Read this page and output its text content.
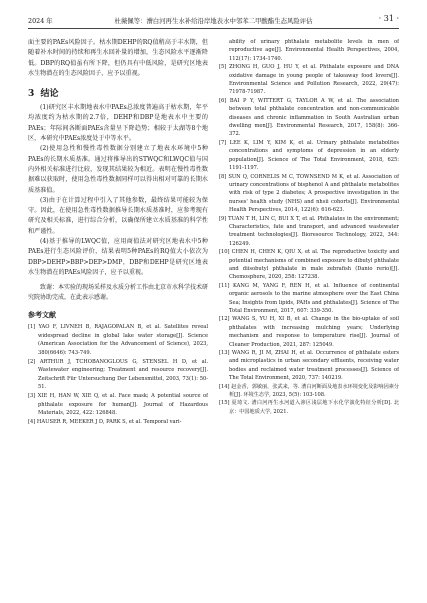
2024 年	杜薇佩等：漕白河再生水补给沿岸地表水中邻苯二甲酸酯生态风险评估	· 31 ·

面主要的PAEs风险因子。枯水期DEHP的RQ值稍高于丰水期，但随着补水时间的持续和再生水回补量的增加，生态风险水平逐渐降低。DBP的RQ值虽有所下降，但仍具有中低风险，是研究区地表水生物潜在的生态风险因子，应予以重视。

3 结论

(1)研究区丰水期地表水中PAEs总浓度普遍高于枯水期，年平均浓度约为枯水期的2.7倍，DEHP和DBP是地表水中主要的PAEs；年际间各断面PAEs含量呈下降趋势；相较于太湖等8个地区，本研究中PAEs浓度处于中等水平。

(2)使用急性和慢性毒性数据分别建立了地表水环境中5种PAEs的长期水质基准。通过将推导出的STWQC和LWQC值与国内外相关标准进行比较，发现其结果较为相近。表明在慢性毒性数据难以获取时，使用急性毒性数据同样可以得出相对可靠的长期水质基准值。

(3)由于在计算过程中引入了其他参数，最终结果可能较为保守。因此，在使用急性毒性数据推导长期水质基准时，应参考现有研究及相关标准，进行综合分析，以确保所建立水质基准的科学性和严谨性。

(4)基于推导的LWQC值，应用商值法对研究区地表水中5种PAEs进行生态风险评价，结果表明5种PAEs的RQ值大小依次为DBP>DEHP>BBP>DEP>DMP，DBP和DEHP是研究区地表水生物潜在的PAEs风险因子，应予以重视。

致谢：本实验的现场采样及水质分析工作由北京市水科学技术研究院协助完成，在此表示感谢。

参考文献

[1] YAO F, LIVNEH B, RAJAGOPALAN B, et al. Satellites reveal widespread decline in global lake water storage[J]. Science (American Association for the Advancement of Science), 2023, 380(6646): 743-749.

[2] ARTHUR J, TCHOBANOGLOUS G, STENSEL H D, et al. Wastewater engineering; Treatment and resource recovery[J]. Zeitschrift Für Untersuchung Der Lebensmittel, 2003, 73(1): 50-51.

[3] XIE H, HAN W, XIE Q, et al. Face mask; A potential source of phthalate exposure for human[J]. Journal of Hazardous Materials, 2022, 422: 126848.

[4] HAUSER R, MEEKER J D, PARK S, et al. Temporal vari-

ability of urinary phthalate metabolite levels in men of reproductive age[J]. Environmental Health Perspectives, 2004, 112(17): 1734-1740.

[5] ZHONG H, GUO J, HU Y, et al. Phthalate exposure and DNA oxidative damage in young people of takeaway food lovers[J]. Environmental Science and Pollution Research, 2022, 29(47): 71978-71987.

[6] BAI P Y, WITTERT G, TAYLOR A W, et al. The association between total phthalate concentration and non-communicable diseases and chronic inflammation in South Australian urban dwelling men[J]. Environmental Research, 2017, 158(8): 366-372.

[7] LEE K, LIM Y, KIM K, et al. Urinary phthalate metabolites concentrations and symptoms of depression in an elderly population[J]. Science of The Total Environment, 2018, 625: 1191-1197.

[8] SUN Q, CORNELIS M C, TOWNSEND M K, et al. Association of urinary concentrations of bisphenol A and phthalate metabolites with risk of type 2 diabetes; A prospective investigation in the nurses' health study (NHS) and nhsii cohorts[J]. Environmental Health Perspectives, 2014, 122(6): 616-623.

[9] TUAN T H, LIN C, BUI X T, et al. Phthalates in the environment; Characteristics, fate and transport, and advanced wastewater treatment technologies[J]. Bioresource Technology, 2022, 344: 126249.

[10] CHEN H, CHEN K, QIU X, et al. The reproductive toxicity and potential mechanisms of combined exposure to dibutyl phthalate and diisobutyl phthalate in male zebrafish (Danio rerio)[J]. Chemosphere, 2020, 258: 127238.

[11] KANG M, YANG F, REN H, et al. Influence of continental organic aerosols to the marine atmosphere over the East China Sea; Insights from lipids, PAHs and phthalates[J]. Science of The Total Environment, 2017, 607: 339-350.

[12] WANG S, YU H, XI B, et al. Change in the bio-uptake of soil phthalates with increasing mulching years; Underlying mechanism and response to temperature rise[J]. Journal of Cleaner Production, 2021, 287: 125049.

[13] WANG R, JI M, ZHAI H, et al. Occurrence of phthalate esters and microplastics in urban secondary effluents, receiving water bodies and reclaimed water treatment processes[J]. Science of The Total Environment, 2020, 737: 140219.

[14] 赵金香，郭敏丽，张武来，等. 漕白河断面及地表水环境变化及影响因素分析[J]. 环境生态学, 2023, 5(5): 103-108.

[15] 夏琦文. 漕白河再生水河道入渗区浅层地下水化学演化特征分析[D]. 北京：中国地质大学, 2021.
